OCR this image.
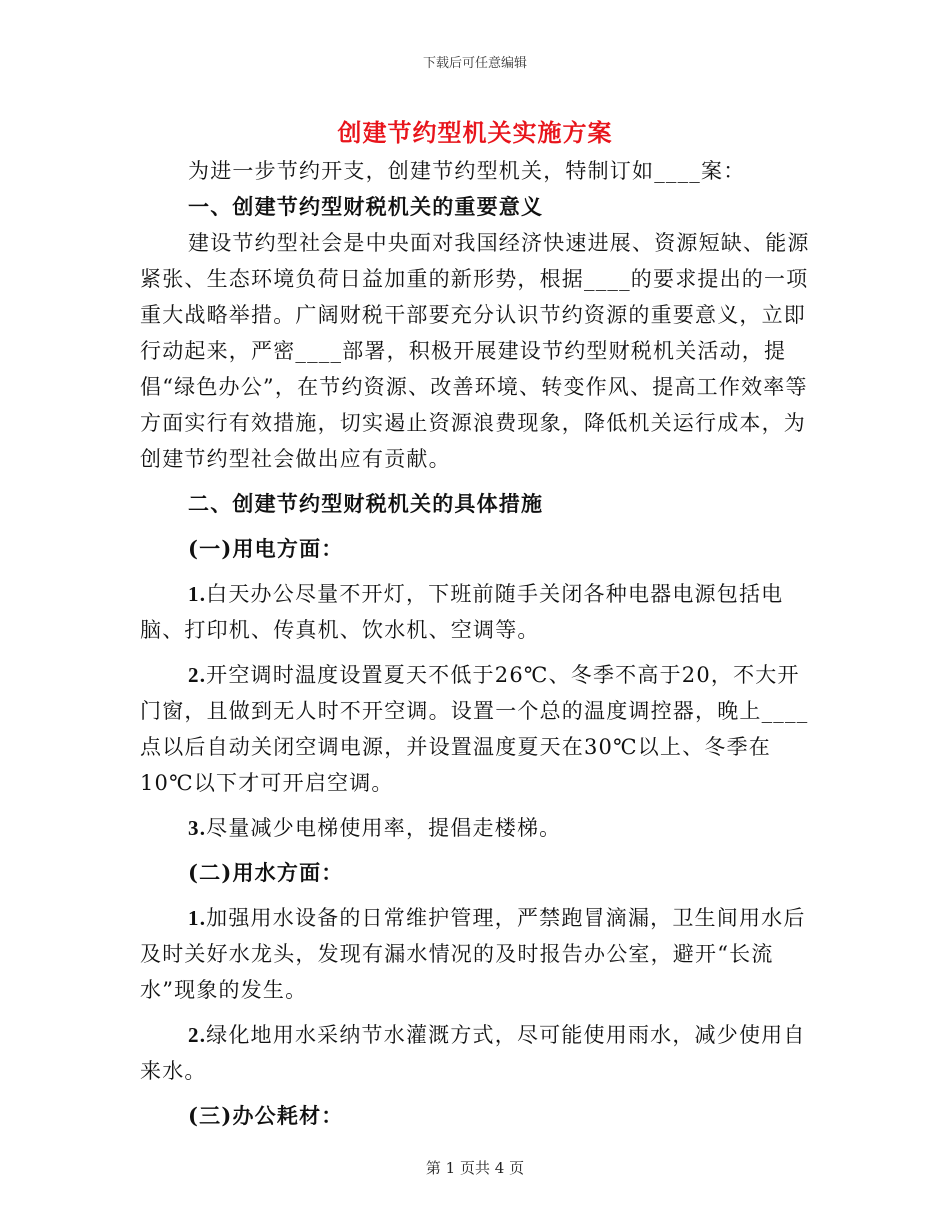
下载后可任意编辑
创建节约型机关实施方案

为进一步节约开支，创建节约型机关，特制订如____案：

一、创建节约型财税机关的重要意义

建设节约型社会是中央面对我国经济快速进展、资源短缺、能源紧张、生态环境负荷日益加重的新形势，根据____的要求提出的一项重大战略举措。广阔财税干部要充分认识节约资源的重要意义，立即行动起来，严密____部署，积极开展建设节约型财税机关活动，提倡“绿色办公”，在节约资源、改善环境、转变作风、提高工作效率等方面实行有效措施，切实遏止资源浪费现象，降低机关运行成本，为创建节约型社会做出应有贡献。

二、创建节约型财税机关的具体措施

(一)用电方面：

1.白天办公尽量不开灯，下班前随手关闭各种电器电源包括电脑、打印机、传真机、饮水机、空调等。

2.开空调时温度设置夏天不低于26℃、冬季不高于20，不大开门窗，且做到无人时不开空调。设置一个总的温度调控器，晚上____点以后自动关闭空调电源，并设置温度夏天在30℃以上、冬季在10℃以下才可开启空调。

3.尽量减少电梯使用率，提倡走楼梯。

(二)用水方面：

1.加强用水设备的日常维护管理，严禁跑冒滴漏，卫生间用水后及时关好水龙头，发现有漏水情况的及时报告办公室，避开“长流水”现象的发生。

2.绿化地用水采纳节水灌溉方式，尽可能使用雨水，减少使用自来水。

(三)办公耗材：

第 1 页共 4 页
